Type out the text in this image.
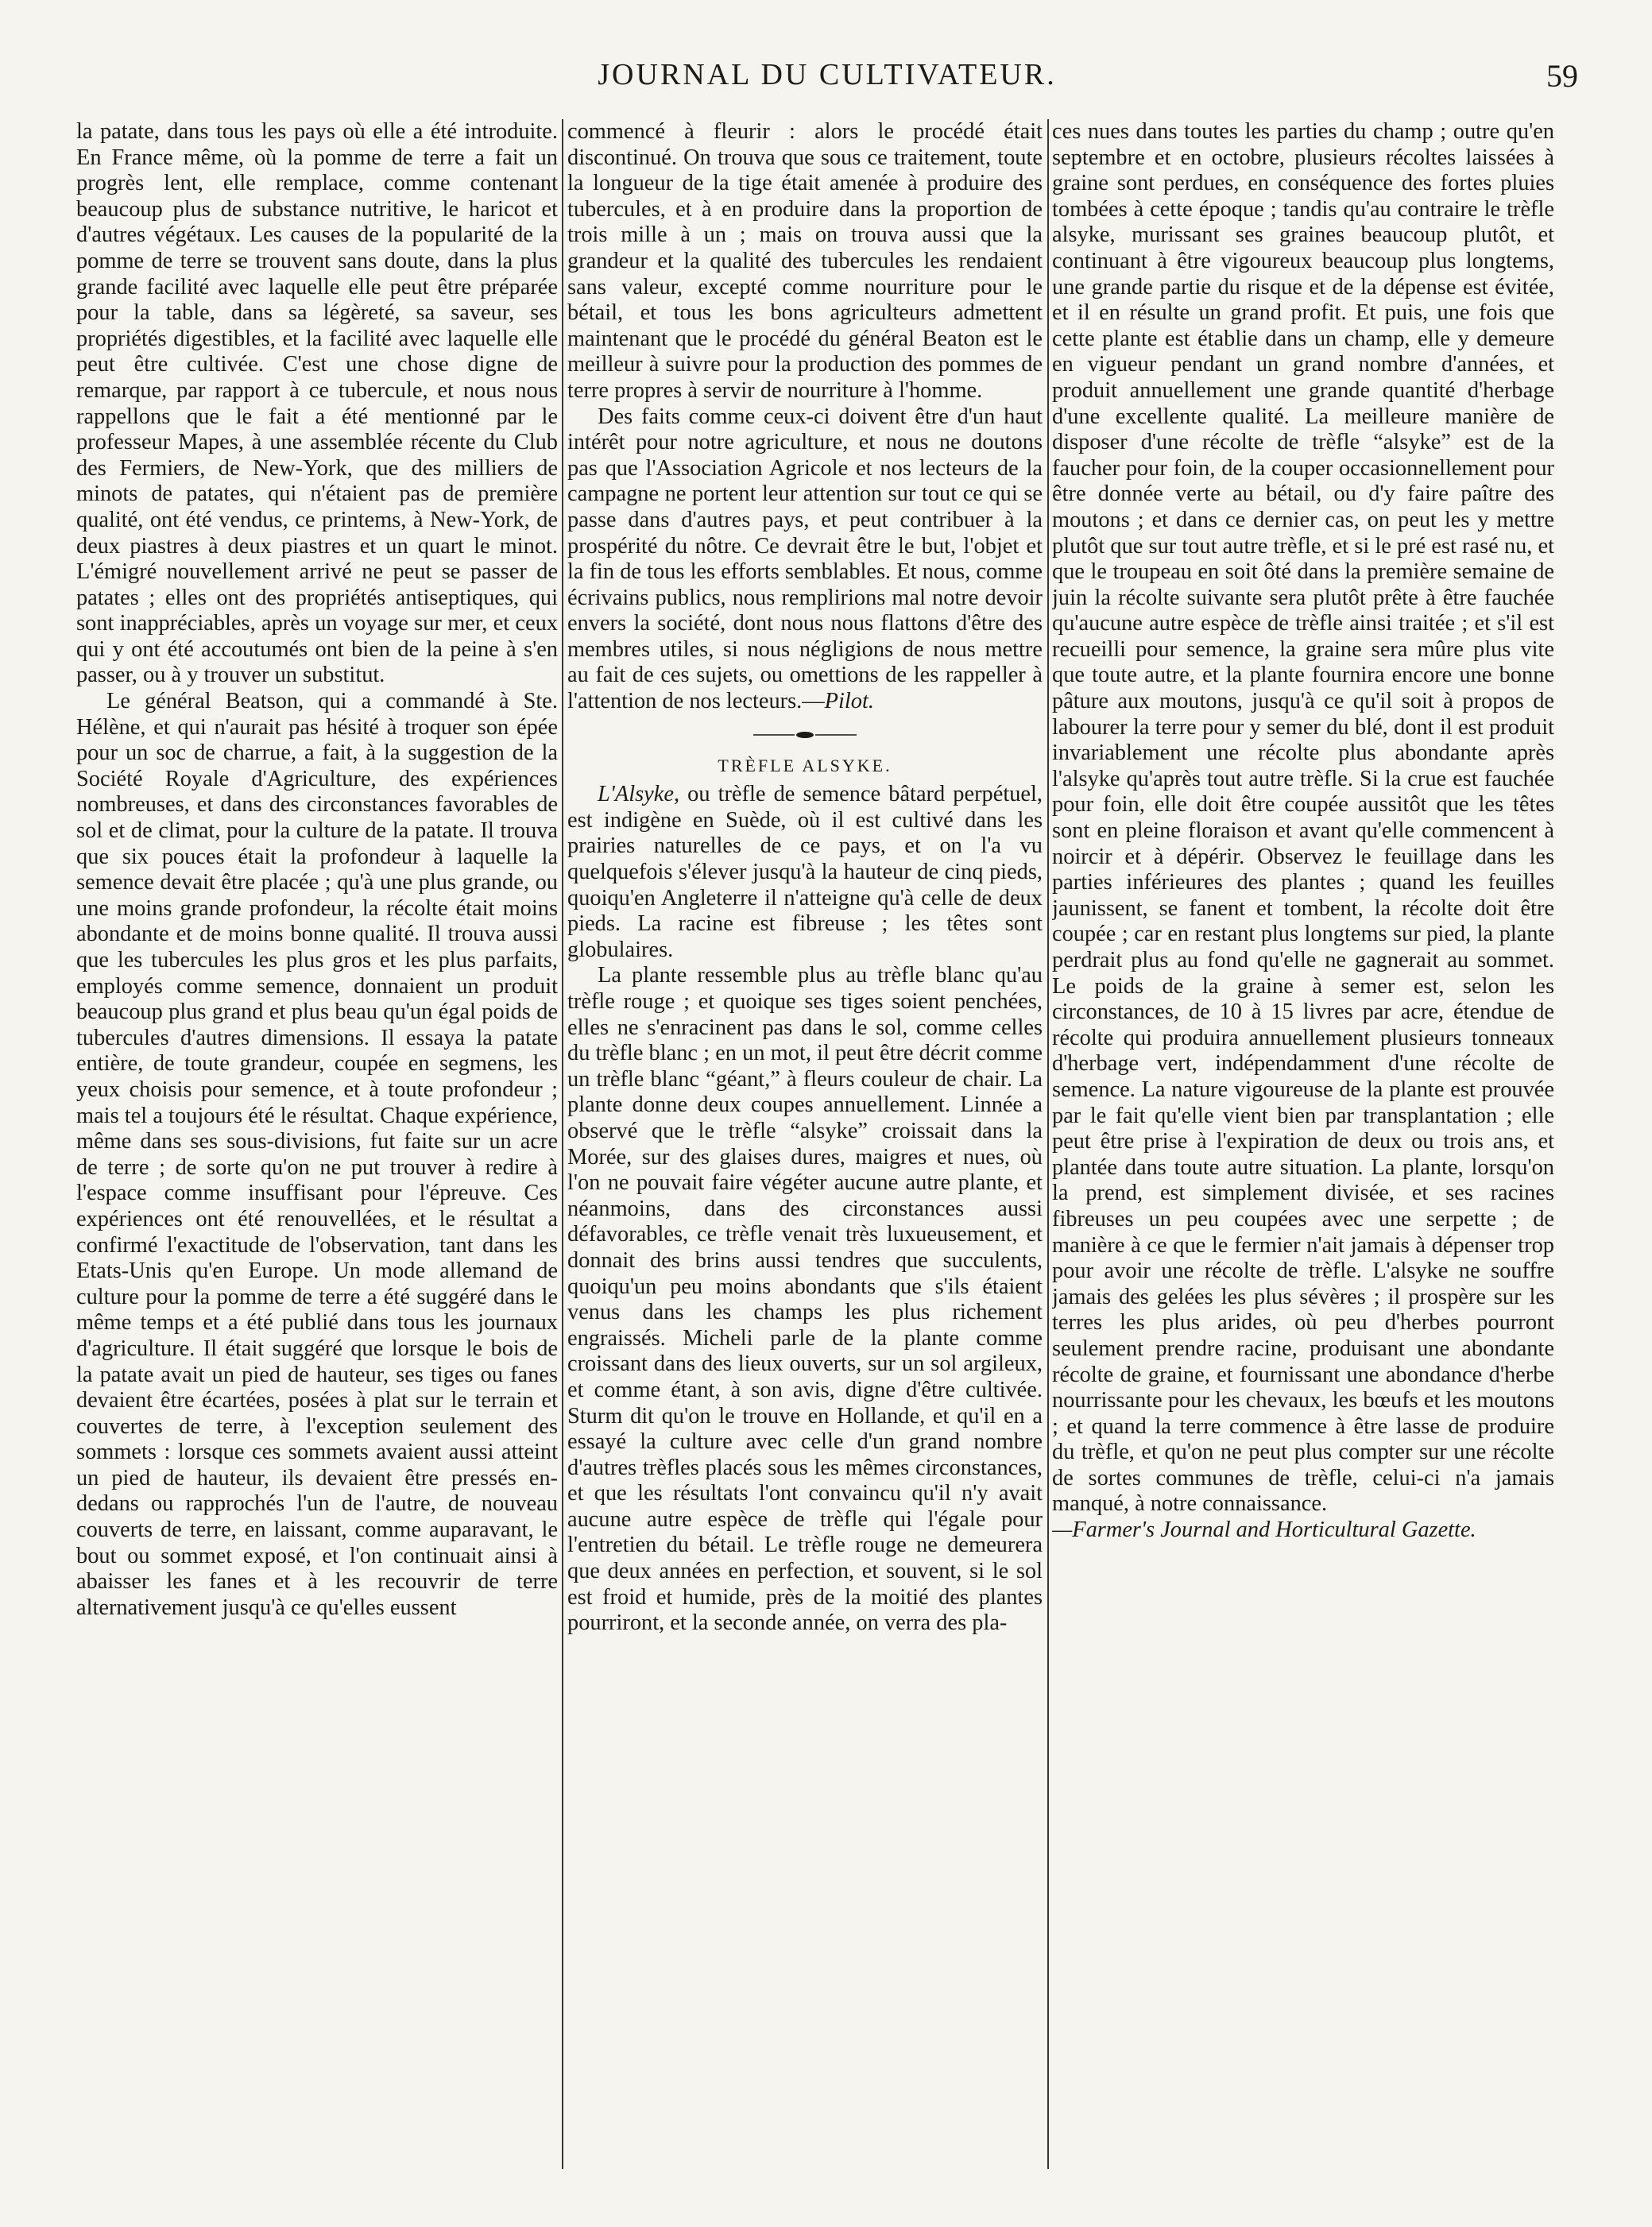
JOURNAL DU CULTIVATEUR.	59

la patate, dans tous les pays où elle a été introduite. En France même, où la pomme de terre a fait un progrès lent, elle remplace, comme contenant beaucoup plus de substance nutritive, le haricot et d'autres végétaux. Les causes de la popularité de la pomme de terre se trouvent sans doute, dans la plus grande facilité avec laquelle elle peut être préparée pour la table, dans sa légèreté, sa saveur, ses propriétés digestibles, et la facilité avec laquelle elle peut être cultivée. C'est une chose digne de remarque, par rapport à ce tubercule, et nous nous rappellons que le fait a été mentionné par le professeur Mapes, à une assemblée récente du Club des Fermiers, de New-York, que des milliers de minots de patates, qui n'étaient pas de première qualité, ont été vendus, ce printems, à New-York, de deux piastres à deux piastres et un quart le minot. L'émigré nouvellement arrivé ne peut se passer de patates ; elles ont des propriétés antiseptiques, qui sont inappréciables, après un voyage sur mer, et ceux qui y ont été accoutumés ont bien de la peine à s'en passer, ou à y trouver un substitut.

Le général Beatson, qui a commandé à Ste. Hélène, et qui n'aurait pas hésité à troquer son épée pour un soc de charrue, a fait, à la suggestion de la Société Royale d'Agriculture, des expériences nombreuses, et dans des circonstances favorables de sol et de climat, pour la culture de la patate. Il trouva que six pouces était la profondeur à laquelle la semence devait être placée ; qu'à une plus grande, ou une moins grande profondeur, la récolte était moins abondante et de moins bonne qualité. Il trouva aussi que les tubercules les plus gros et les plus parfaits, employés comme semence, donnaient un produit beaucoup plus grand et plus beau qu'un égal poids de tubercules d'autres dimensions. Il essaya la patate entière, de toute grandeur, coupée en segmens, les yeux choisis pour semence, et à toute profondeur ; mais tel a toujours été le résultat. Chaque expérience, même dans ses sous-divisions, fut faite sur un acre de terre ; de sorte qu'on ne put trouver à redire à l'espace comme insuffisant pour l'épreuve. Ces expériences ont été renouvellées, et le résultat a confirmé l'exactitude de l'observation, tant dans les Etats-Unis qu'en Europe. Un mode allemand de culture pour la pomme de terre a été suggéré dans le même temps et a été publié dans tous les journaux d'agriculture. Il était suggéré que lorsque le bois de la patate avait un pied de hauteur, ses tiges ou fanes devaient être écartées, posées à plat sur le terrain et couvertes de terre, à l'exception seulement des sommets : lorsque ces sommets avaient aussi atteint un pied de hauteur, ils devaient être pressés en-dedans ou rapprochés l'un de l'autre, de nouveau couverts de terre, en laissant, comme auparavant, le bout ou sommet exposé, et l'on continuait ainsi à abaisser les fanes et à les recouvrir de terre alternativement jusqu'à ce qu'elles eussent

commencé à fleurir : alors le procédé était discontinué. On trouva que sous ce traitement, toute la longueur de la tige était amenée à produire des tubercules, et à en produire dans la proportion de trois mille à un ; mais on trouva aussi que la grandeur et la qualité des tubercules les rendaient sans valeur, excepté comme nourriture pour le bétail, et tous les bons agriculteurs admettent maintenant que le procédé du général Beaton est le meilleur à suivre pour la production des pommes de terre propres à servir de nourriture à l'homme.

Des faits comme ceux-ci doivent être d'un haut intérêt pour notre agriculture, et nous ne doutons pas que l'Association Agricole et nos lecteurs de la campagne ne portent leur attention sur tout ce qui se passe dans d'autres pays, et peut contribuer à la prospérité du nôtre. Ce devrait être le but, l'objet et la fin de tous les efforts semblables. Et nous, comme écrivains publics, nous remplirions mal notre devoir envers la société, dont nous nous flattons d'être des membres utiles, si nous négligions de nous mettre au fait de ces sujets, ou omettions de les rappeller à l'attention de nos lecteurs.—Pilot.

TRÈFLE ALSYKE.

L'Alsyke, ou trèfle de semence bâtard perpétuel, est indigène en Suède, où il est cultivé dans les prairies naturelles de ce pays, et on l'a vu quelquefois s'élever jusqu'à la hauteur de cinq pieds, quoiqu'en Angleterre il n'atteigne qu'à celle de deux pieds. La racine est fibreuse ; les têtes sont globulaires.

La plante ressemble plus au trèfle blanc qu'au trèfle rouge ; et quoique ses tiges soient penchées, elles ne s'enracinent pas dans le sol, comme celles du trèfle blanc ; en un mot, il peut être décrit comme un trèfle blanc “géant,” à fleurs couleur de chair. La plante donne deux coupes annuellement. Linnée a observé que le trèfle “alsyke” croissait dans la Morée, sur des glaises dures, maigres et nues, où l'on ne pouvait faire végéter aucune autre plante, et néanmoins, dans des circonstances aussi défavorables, ce trèfle venait très luxueusement, et donnait des brins aussi tendres que succulents, quoiqu'un peu moins abondants que s'ils étaient venus dans les champs les plus richement engraissés. Micheli parle de la plante comme croissant dans des lieux ouverts, sur un sol argileux, et comme étant, à son avis, digne d'être cultivée. Sturm dit qu'on le trouve en Hollande, et qu'il en a essayé la culture avec celle d'un grand nombre d'autres trèfles placés sous les mêmes circonstances, et que les résultats l'ont convaincu qu'il n'y avait aucune autre espèce de trèfle qui l'égale pour l'entretien du bétail. Le trèfle rouge ne demeurera que deux années en perfection, et souvent, si le sol est froid et humide, près de la moitié des plantes pourriront, et la seconde année, on verra des pla-

ces nues dans toutes les parties du champ ; outre qu'en septembre et en octobre, plusieurs récoltes laissées à graine sont perdues, en conséquence des fortes pluies tombées à cette époque ; tandis qu'au contraire le trèfle alsyke, murissant ses graines beaucoup plutôt, et continuant à être vigoureux beaucoup plus longtems, une grande partie du risque et de la dépense est évitée, et il en résulte un grand profit. Et puis, une fois que cette plante est établie dans un champ, elle y demeure en vigueur pendant un grand nombre d'années, et produit annuellement une grande quantité d'herbage d'une excellente qualité. La meilleure manière de disposer d'une récolte de trèfle “alsyke” est de la faucher pour foin, de la couper occasionnellement pour être donnée verte au bétail, ou d'y faire paître des moutons ; et dans ce dernier cas, on peut les y mettre plutôt que sur tout autre trèfle, et si le pré est rasé nu, et que le troupeau en soit ôté dans la première semaine de juin la récolte suivante sera plutôt prête à être fauchée qu'aucune autre espèce de trèfle ainsi traitée ; et s'il est recueilli pour semence, la graine sera mûre plus vite que toute autre, et la plante fournira encore une bonne pâture aux moutons, jusqu'à ce qu'il soit à propos de labourer la terre pour y semer du blé, dont il est produit invariablement une récolte plus abondante après l'alsyke qu'après tout autre trèfle. Si la crue est fauchée pour foin, elle doit être coupée aussitôt que les têtes sont en pleine floraison et avant qu'elle commencent à noircir et à dépérir. Observez le feuillage dans les parties inférieures des plantes ; quand les feuilles jaunissent, se fanent et tombent, la récolte doit être coupée ; car en restant plus longtems sur pied, la plante perdrait plus au fond qu'elle ne gagnerait au sommet. Le poids de la graine à semer est, selon les circonstances, de 10 à 15 livres par acre, étendue de récolte qui produira annuellement plusieurs tonneaux d'herbage vert, indépendamment d'une récolte de semence. La nature vigoureuse de la plante est prouvée par le fait qu'elle vient bien par transplantation ; elle peut être prise à l'expiration de deux ou trois ans, et plantée dans toute autre situation. La plante, lorsqu'on la prend, est simplement divisée, et ses racines fibreuses un peu coupées avec une serpette ; de manière à ce que le fermier n'ait jamais à dépenser trop pour avoir une récolte de trèfle. L'alsyke ne souffre jamais des gelées les plus sévères ; il prospère sur les terres les plus arides, où peu d'herbes pourront seulement prendre racine, produisant une abondante récolte de graine, et fournissant une abondance d'herbe nourrissante pour les chevaux, les bœufs et les moutons ; et quand la terre commence à être lasse de produire du trèfle, et qu'on ne peut plus compter sur une récolte de sortes communes de trèfle, celui-ci n'a jamais manqué, à notre connaissance.

—Farmer's Journal and Horticultural Gazette.
